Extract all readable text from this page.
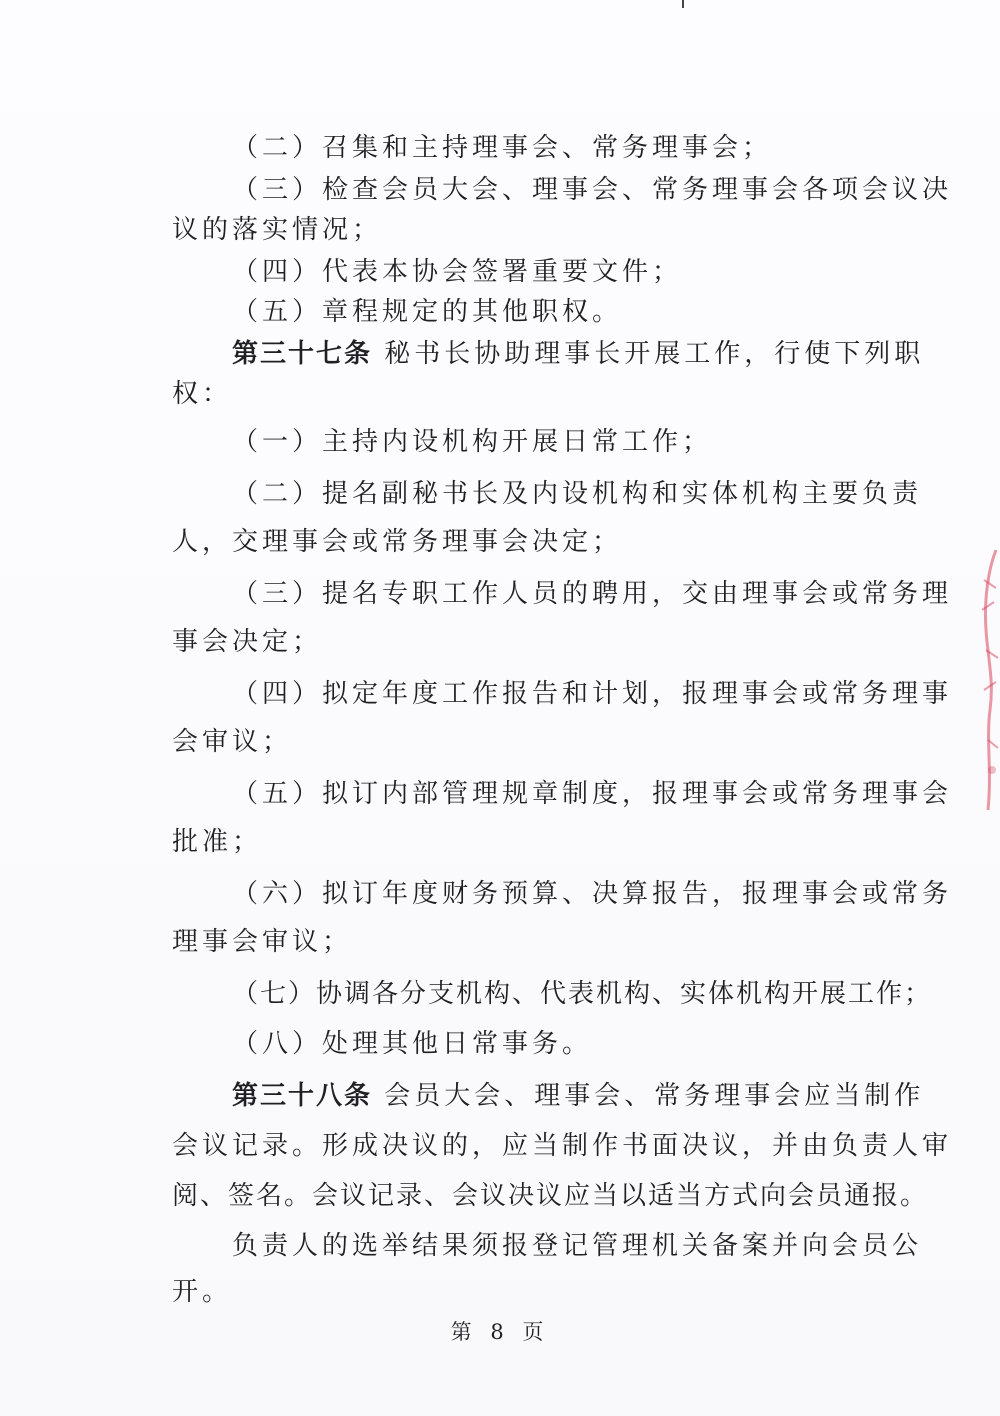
（二）召集和主持理事会、常务理事会；
（三）检查会员大会、理事会、常务理事会各项会议决
议的落实情况；
（四）代表本协会签署重要文件；
（五）章程规定的其他职权。
第三十七条 秘书长协助理事长开展工作，行使下列职
权：
（一）主持内设机构开展日常工作；
（二）提名副秘书长及内设机构和实体机构主要负责
人，交理事会或常务理事会决定；
（三）提名专职工作人员的聘用，交由理事会或常务理
事会决定；
（四）拟定年度工作报告和计划，报理事会或常务理事
会审议；
（五）拟订内部管理规章制度，报理事会或常务理事会
批准；
（六）拟订年度财务预算、决算报告，报理事会或常务
理事会审议；
（七）协调各分支机构、代表机构、实体机构开展工作；
（八）处理其他日常事务。
第三十八条 会员大会、理事会、常务理事会应当制作
会议记录。形成决议的，应当制作书面决议，并由负责人审
阅、签名。会议记录、会议决议应当以适当方式向会员通报。
负责人的选举结果须报登记管理机关备案并向会员公
开。
第 8 页
